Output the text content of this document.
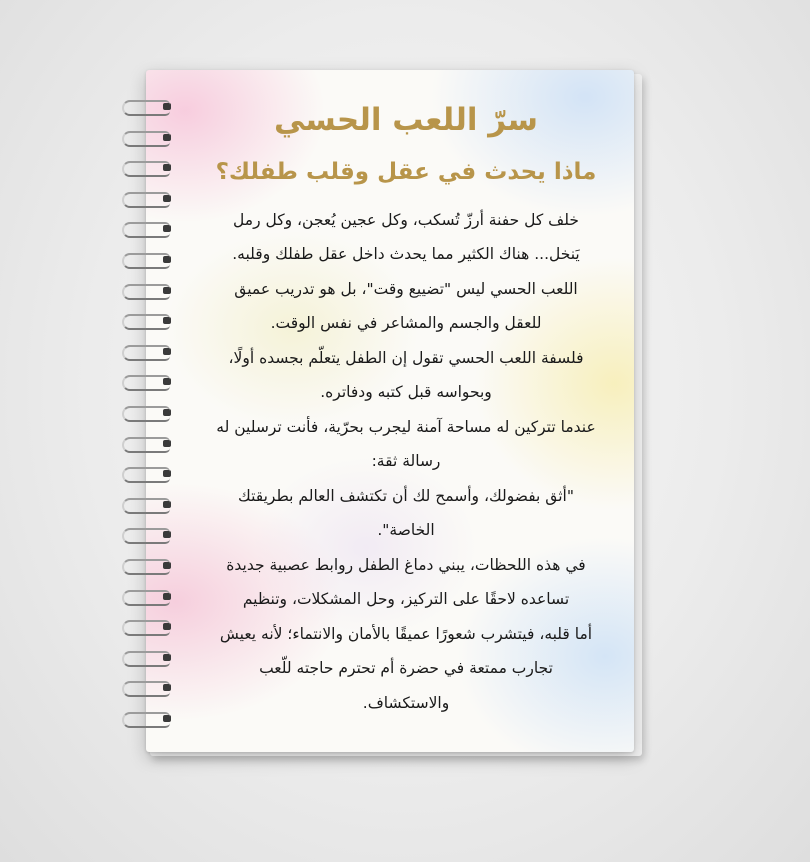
سرّ اللعب الحسي
ماذا يحدث في عقل وقلب طفلك؟
خلف كل حفنة أرزّ تُسكب، وكل عجين يُعجن، وكل رمل
يَنخل... هناك الكثير مما يحدث داخل عقل طفلك وقلبه.
اللعب الحسي ليس "تضييع وقت"، بل هو تدريب عميق
للعقل والجسم والمشاعر في نفس الوقت.
فلسفة اللعب الحسي تقول إن الطفل يتعلّم بجسده أولًا،
وبحواسه قبل كتبه ودفاتره.
عندما تتركين له مساحة آمنة ليجرب بحرّية، فأنت ترسلين له
رسالة ثقة:
"أثق بفضولك، وأسمح لك أن تكتشف العالم بطريقتك
الخاصة".
في هذه اللحظات، يبني دماغ الطفل روابط عصبية جديدة
تساعده لاحقًا على التركيز، وحل المشكلات، وتنظيم
أما قلبه، فيتشرب شعورًا عميقًا بالأمان والانتماء؛ لأنه يعيش
تجارب ممتعة في حضرة أم تحترم حاجته للّعب
والاستكشاف.
